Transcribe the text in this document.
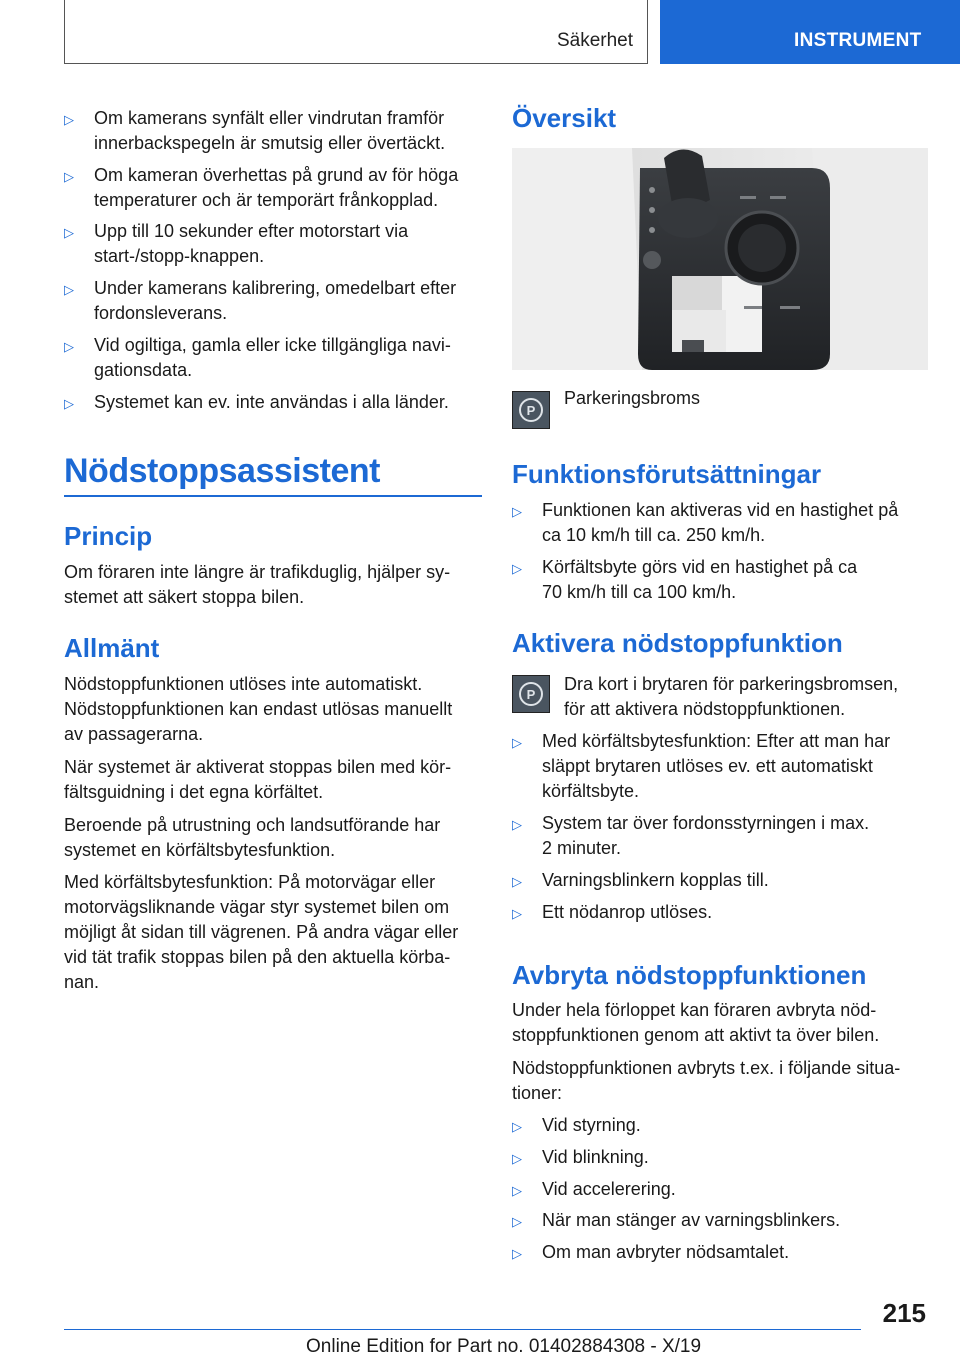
Säkerhet	INSTRUMENT
▷ Om kamerans synfält eller vindrutan framför
innerbackspegeln är smutsig eller övertäckt.
▷ Om kameran överhettas på grund av för höga
temperaturer och är temporärt frånkopplad.
▷ Upp till 10 sekunder efter motorstart via
start-/stopp-knappen.
▷ Under kamerans kalibrering, omedelbart efter
fordonsleverans.
▷ Vid ogiltiga, gamla eller icke tillgängliga navi-
gationsdata.
▷ Systemet kan ev. inte användas i alla länder.
Nödstoppsassistent
Princip
Om föraren inte längre är trafikduglig, hjälper sy-
stemet att säkert stoppa bilen.
Allmänt
Nödstoppfunktionen utlöses inte automatiskt.
Nödstoppfunktionen kan endast utlösas manuellt
av passagerarna.
När systemet är aktiverat stoppas bilen med kör-
fältsguidning i det egna körfältet.
Beroende på utrustning och landsutförande har
systemet en körfältsbytesfunktion.
Med körfältsbytesfunktion: På motorvägar eller
motorvägsliknande vägar styr systemet bilen om
möjligt åt sidan till vägrenen. På andra vägar eller
vid tät trafik stoppas bilen på den aktuella körba-
nan.
Översikt
P
Parkeringsbroms
Funktionsförutsättningar
▷ Funktionen kan aktiveras vid en hastighet på
ca 10 km/h till ca. 250 km/h.
▷ Körfältsbyte görs vid en hastighet på ca
70 km/h till ca 100 km/h.
Aktivera nödstoppfunktion
P	Dra kort i brytaren för parkeringsbromsen,
för att aktivera nödstoppfunktionen.
▷ Med körfältsbytesfunktion: Efter att man har
släppt brytaren utlöses ev. ett automatiskt
körfältsbyte.
▷ System tar över fordonsstyrningen i max.
2 minuter.
▷ Varningsblinkern kopplas till.
▷ Ett nödanrop utlöses.
Avbryta nödstoppfunktionen
Under hela förloppet kan föraren avbryta nöd-
stoppfunktionen genom att aktivt ta över bilen.
Nödstoppfunktionen avbryts t.ex. i följande situa-
tioner:
▷ Vid styrning.
▷ Vid blinkning.
▷ Vid accelerering.
▷ När man stänger av varningsblinkers.
▷ Om man avbryter nödsamtalet.
215
Online Edition for Part no. 01402884308 - X/19
